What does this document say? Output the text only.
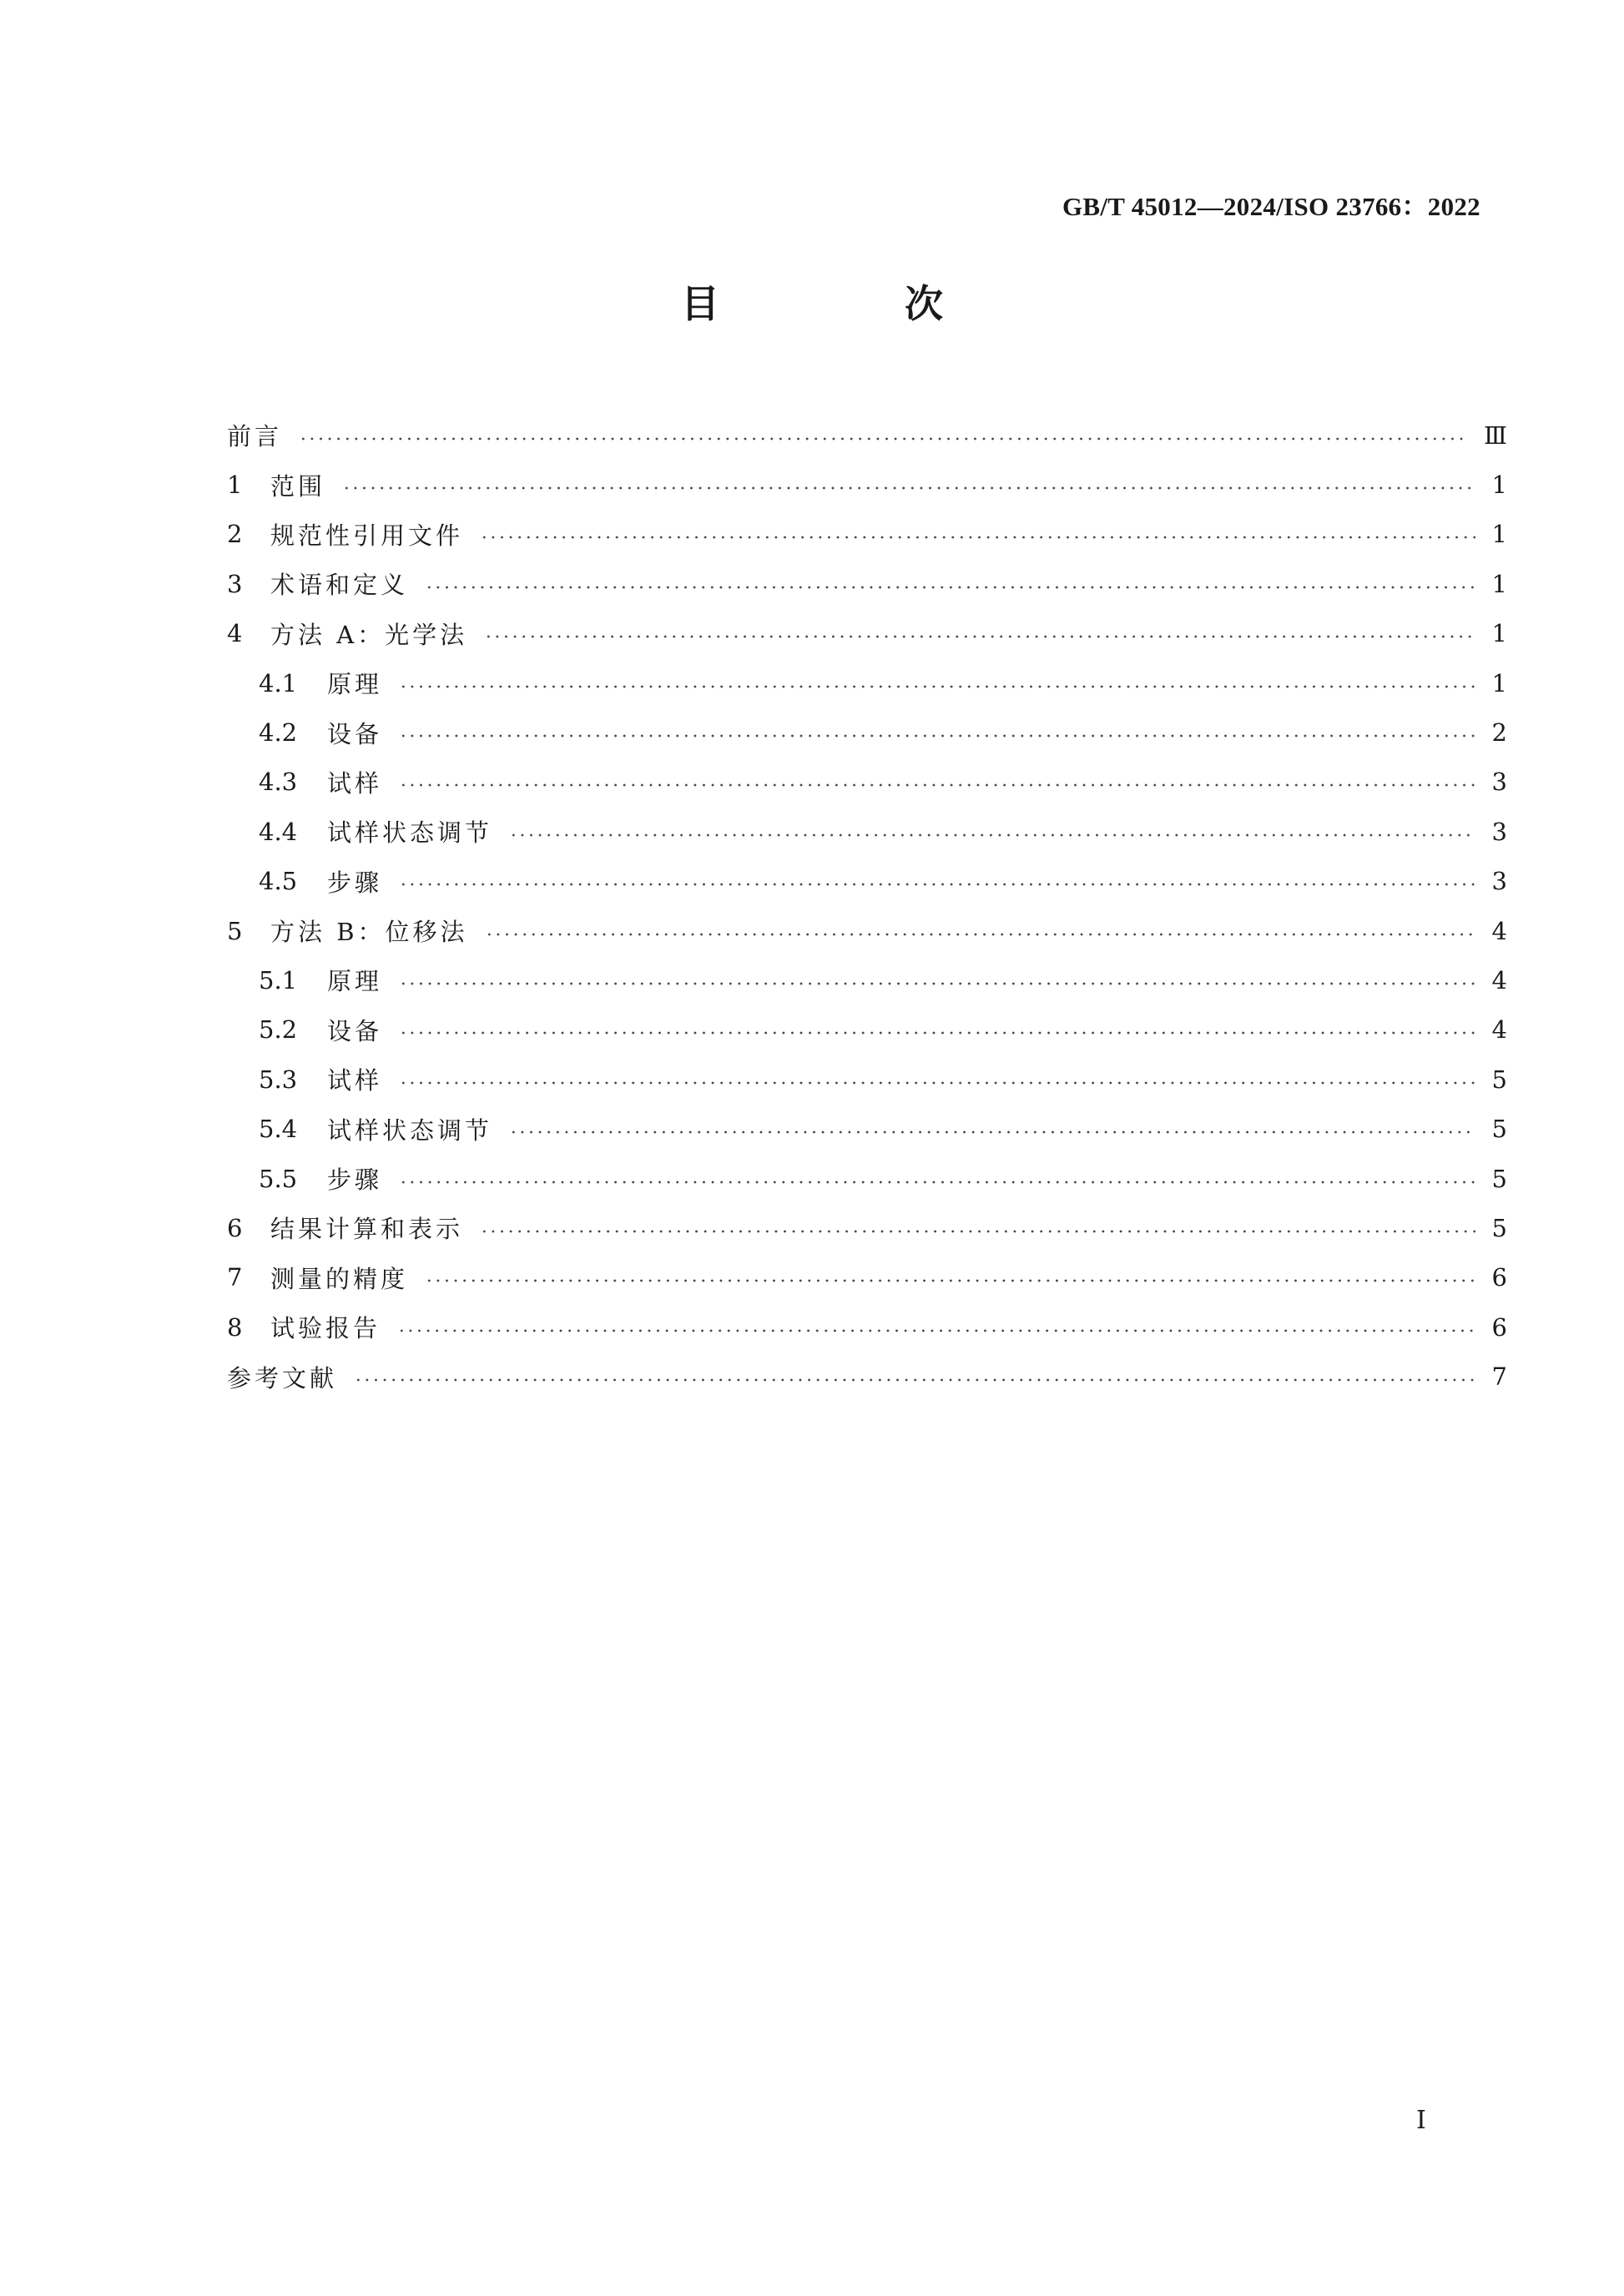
GB/T 45012—2024/ISO 23766：2022
目　次
前言	Ⅲ
1	范围	1
2	规范性引用文件	1
3	术语和定义	1
4	方法 A：光学法	1
4.1	原理	1
4.2	设备	2
4.3	试样	3
4.4	试样状态调节	3
4.5	步骤	3
5	方法 B：位移法	4
5.1	原理	4
5.2	设备	4
5.3	试样	5
5.4	试样状态调节	5
5.5	步骤	5
6	结果计算和表示	5
7	测量的精度	6
8	试验报告	6
参考文献	7
Ⅰ
